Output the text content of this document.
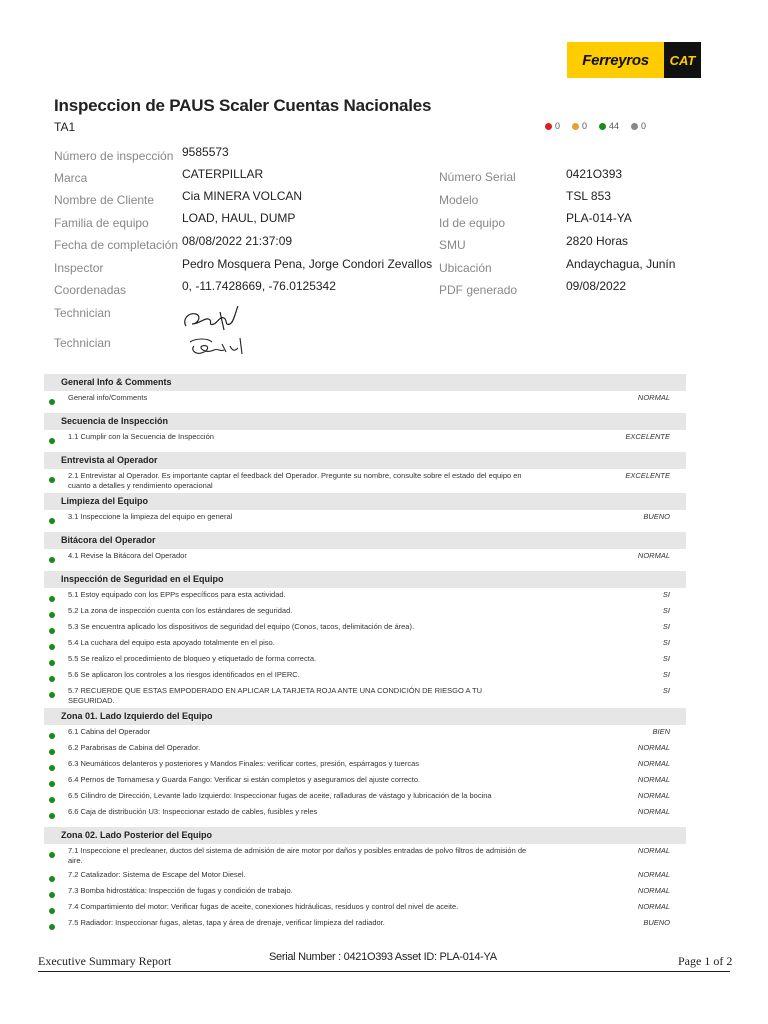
Ferreyros	CAT
Inspeccion de PAUS Scaler Cuentas Nacionales
TA1	0 0 44 0
Número de inspección 9585573
Marca	CATERPILLAR
Nombre de Cliente Cia MINERA VOLCAN
Familia de equipo	LOAD, HAUL, DUMP
Fecha de completación 08/08/2022 21:37:09
Inspector	Pedro Mosquera Pena, Jorge Condori Zevallos
Coordenadas	0, -11.7428669, -76.0125342
Número Serial	0421O393
Modelo	TSL 853
Id de equipo	PLA-014-YA
SMU	2820 Horas
Ubicación	Andaychagua, Junín
PDF generado	09/08/2022
Technician
Technician
General Info & Comments
General info/Comments	NORMAL
Secuencia de Inspección
1.1 Cumplir con la Secuencia de Inspección	EXCELENTE
Entrevista al Operador
2.1 Entrevistar al Operador. Es importante captar el feedback del Operador. Pregunte su nombre, consulte sobre el estado del equipo en cuanto a detalles y rendimiento operacional
EXCELENTE
Limpieza del Equipo
3.1 Inspeccione la limpieza del equipo en general	BUENO
Bitácora del Operador
4.1 Revise la Bitácora del Operador	NORMAL
Inspección de Seguridad en el Equipo
5.1 Estoy equipado con los EPPs específicos para esta actividad.	SI
5.2 La zona de inspección cuenta con los estándares de seguridad.	SI
5.3 Se encuentra aplicado los dispositivos de seguridad del equipo (Conos, tacos, delimitación de área).	SI
5.4 La cuchara del equipo esta apoyado totalmente en el piso.	SI
5.5 Se realizo el procedimiento de bloqueo y etiquetado de forma correcta.	SI
5.6 Se aplicaron los controles a los riesgos identificados en el IPERC.	SI
5.7 RECUERDE QUE ESTAS EMPODERADO EN APLICAR LA TARJETA ROJA ANTE UNA CONDICIÓN DE RIESGO A TU SEGURIDAD.
SI
Zona 01. Lado Izquierdo del Equipo
6.1 Cabina del Operador	BIEN
6.2 Parabrisas de Cabina del Operador.	NORMAL
6.3 Neumáticos delanteros y posteriores y Mandos Finales: verificar cortes, presión, espárragos y tuercas	NORMAL
6.4 Pernos de Tornamesa y Guarda Fango: Verificar si están completos y aseguramos del ajuste correcto.	NORMAL
6.5 Cilindro de Dirección, Levante lado Izquierdo: Inspeccionar fugas de aceite, ralladuras de vástago y lubricación de la bocina	NORMAL
6.6 Caja de distribución U3: Inspeccionar estado de cables, fusibles y reles	NORMAL
Zona 02. Lado Posterior del Equipo
7.1 Inspeccione el precleaner, ductos del sistema de admisión de aire motor por daños y posibles entradas de polvo filtros de admisión de aire.
NORMAL
7.2 Catalizador: Sistema de Escape del Motor Diesel.	NORMAL
7.3 Bomba hidrostática: Inspección de fugas y condición de trabajo.	NORMAL
7.4 Compartimiento del motor: Verificar fugas de aceite, conexiones hidráulicas, residuos y control del nivel de aceite.	NORMAL
7.5 Radiador: Inspeccionar fugas, aletas, tapa y área de drenaje, verificar limpieza del radiador.	BUENO
Executive Summary Report	Serial Number : 0421O393 Asset ID: PLA-014-YA	Page 1 of 2
